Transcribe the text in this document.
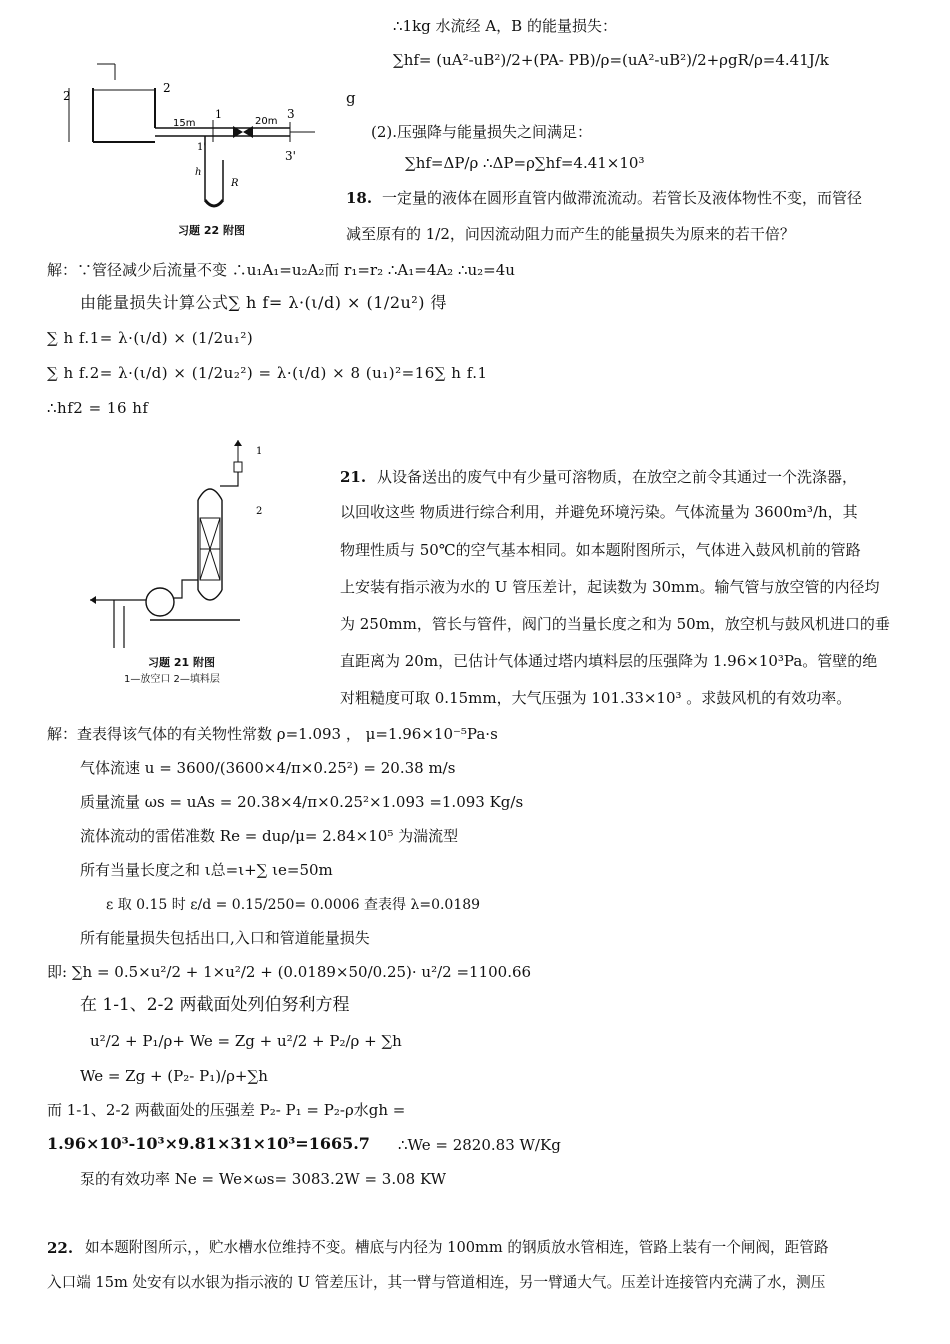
2
2
1
1'
3
3'
15m	20m
h
R
习题 22 附图
∴1kg 水流经 A，B 的能量损失：
∑hf= (uA²-uB²)/2+(PA- PB)/ρ=(uA²-uB²)/2+ρgR/ρ=4.41J/k
g
(2).压强降与能量损失之间满足：
∑hf=ΔP/ρ ∴ΔP=ρ∑hf=4.41×10³
18. 一定量的液体在圆形直管内做滞流流动。若管长及液体物性不变，而管径
减至原有的 1/2，问因流动阻力而产生的能量损失为原来的若干倍？
解：∵管径减少后流量不变 ∴u₁A₁=u₂A₂而 r₁=r₂ ∴A₁=4A₂ ∴u₂=4u
由能量损失计算公式∑ h f= λ·(ι/d) × (1/2u²) 得
∑ h f.1= λ·(ι/d) × (1/2u₁²)
∑ h f.2= λ·(ι/d) × (1/2u₂²) = λ·(ι/d) × 8 (u₁)²=16∑ h f.1
∴hf2 = 16 hf
1
2
习题 21 附图
1—放空口 2—填料层
21. 从设备送出的废气中有少量可溶物质，在放空之前令其通过一个洗涤器，
以回收这些 物质进行综合利用，并避免环境污染。气体流量为 3600m³/h，其
物理性质与 50℃的空气基本相同。如本题附图所示，气体进入鼓风机前的管路
上安装有指示液为水的 U 管压差计，起读数为 30mm。输气管与放空管的内径均
为 250mm，管长与管件，阀门的当量长度之和为 50m，放空机与鼓风机进口的垂
直距离为 20m，已估计气体通过塔内填料层的压强降为 1.96×10³Pa。管壁的绝
对粗糙度可取 0.15mm，大气压强为 101.33×10³ 。求鼓风机的有效功率。
解：查表得该气体的有关物性常数 ρ=1.093 ， μ=1.96×10⁻⁵Pa·s
气体流速 u = 3600/(3600×4/π×0.25²) = 20.38 m/s
质量流量 ωs = uAs = 20.38×4/π×0.25²×1.093 =1.093 Kg/s
流体流动的雷偌准数 Re = duρ/μ= 2.84×10⁵ 为湍流型
所有当量长度之和 ι总=ι+∑ ιe=50m
ε 取 0.15 时 ε/d = 0.15/250= 0.0006 查表得 λ=0.0189
所有能量损失包括出口,入口和管道能量损失
即: ∑h = 0.5×u²/2 + 1×u²/2 + (0.0189×50/0.25)· u²/2 =1100.66
在 1-1、2-2 两截面处列伯努利方程
u²/2 + P₁/ρ+ We = Zg + u²/2 + P₂/ρ + ∑h
We = Zg + (P₂- P₁)/ρ+∑h
而 1-1、2-2 两截面处的压强差 P₂- P₁ = P₂-ρ水gh =
1.96×10³-10³×9.81×31×10³=1665.7 ∴We = 2820.83 W/Kg
泵的有效功率 Ne = We×ωs= 3083.2W = 3.08 KW
22. 如本题附图所示，，贮水槽水位维持不变。槽底与内径为 100mm 的钢质放水管相连，管路上装有一个闸阀，距管路
入口端 15m 处安有以水银为指示液的 U 管差压计，其一臂与管道相连，另一臂通大气。压差计连接管内充满了水，测压
